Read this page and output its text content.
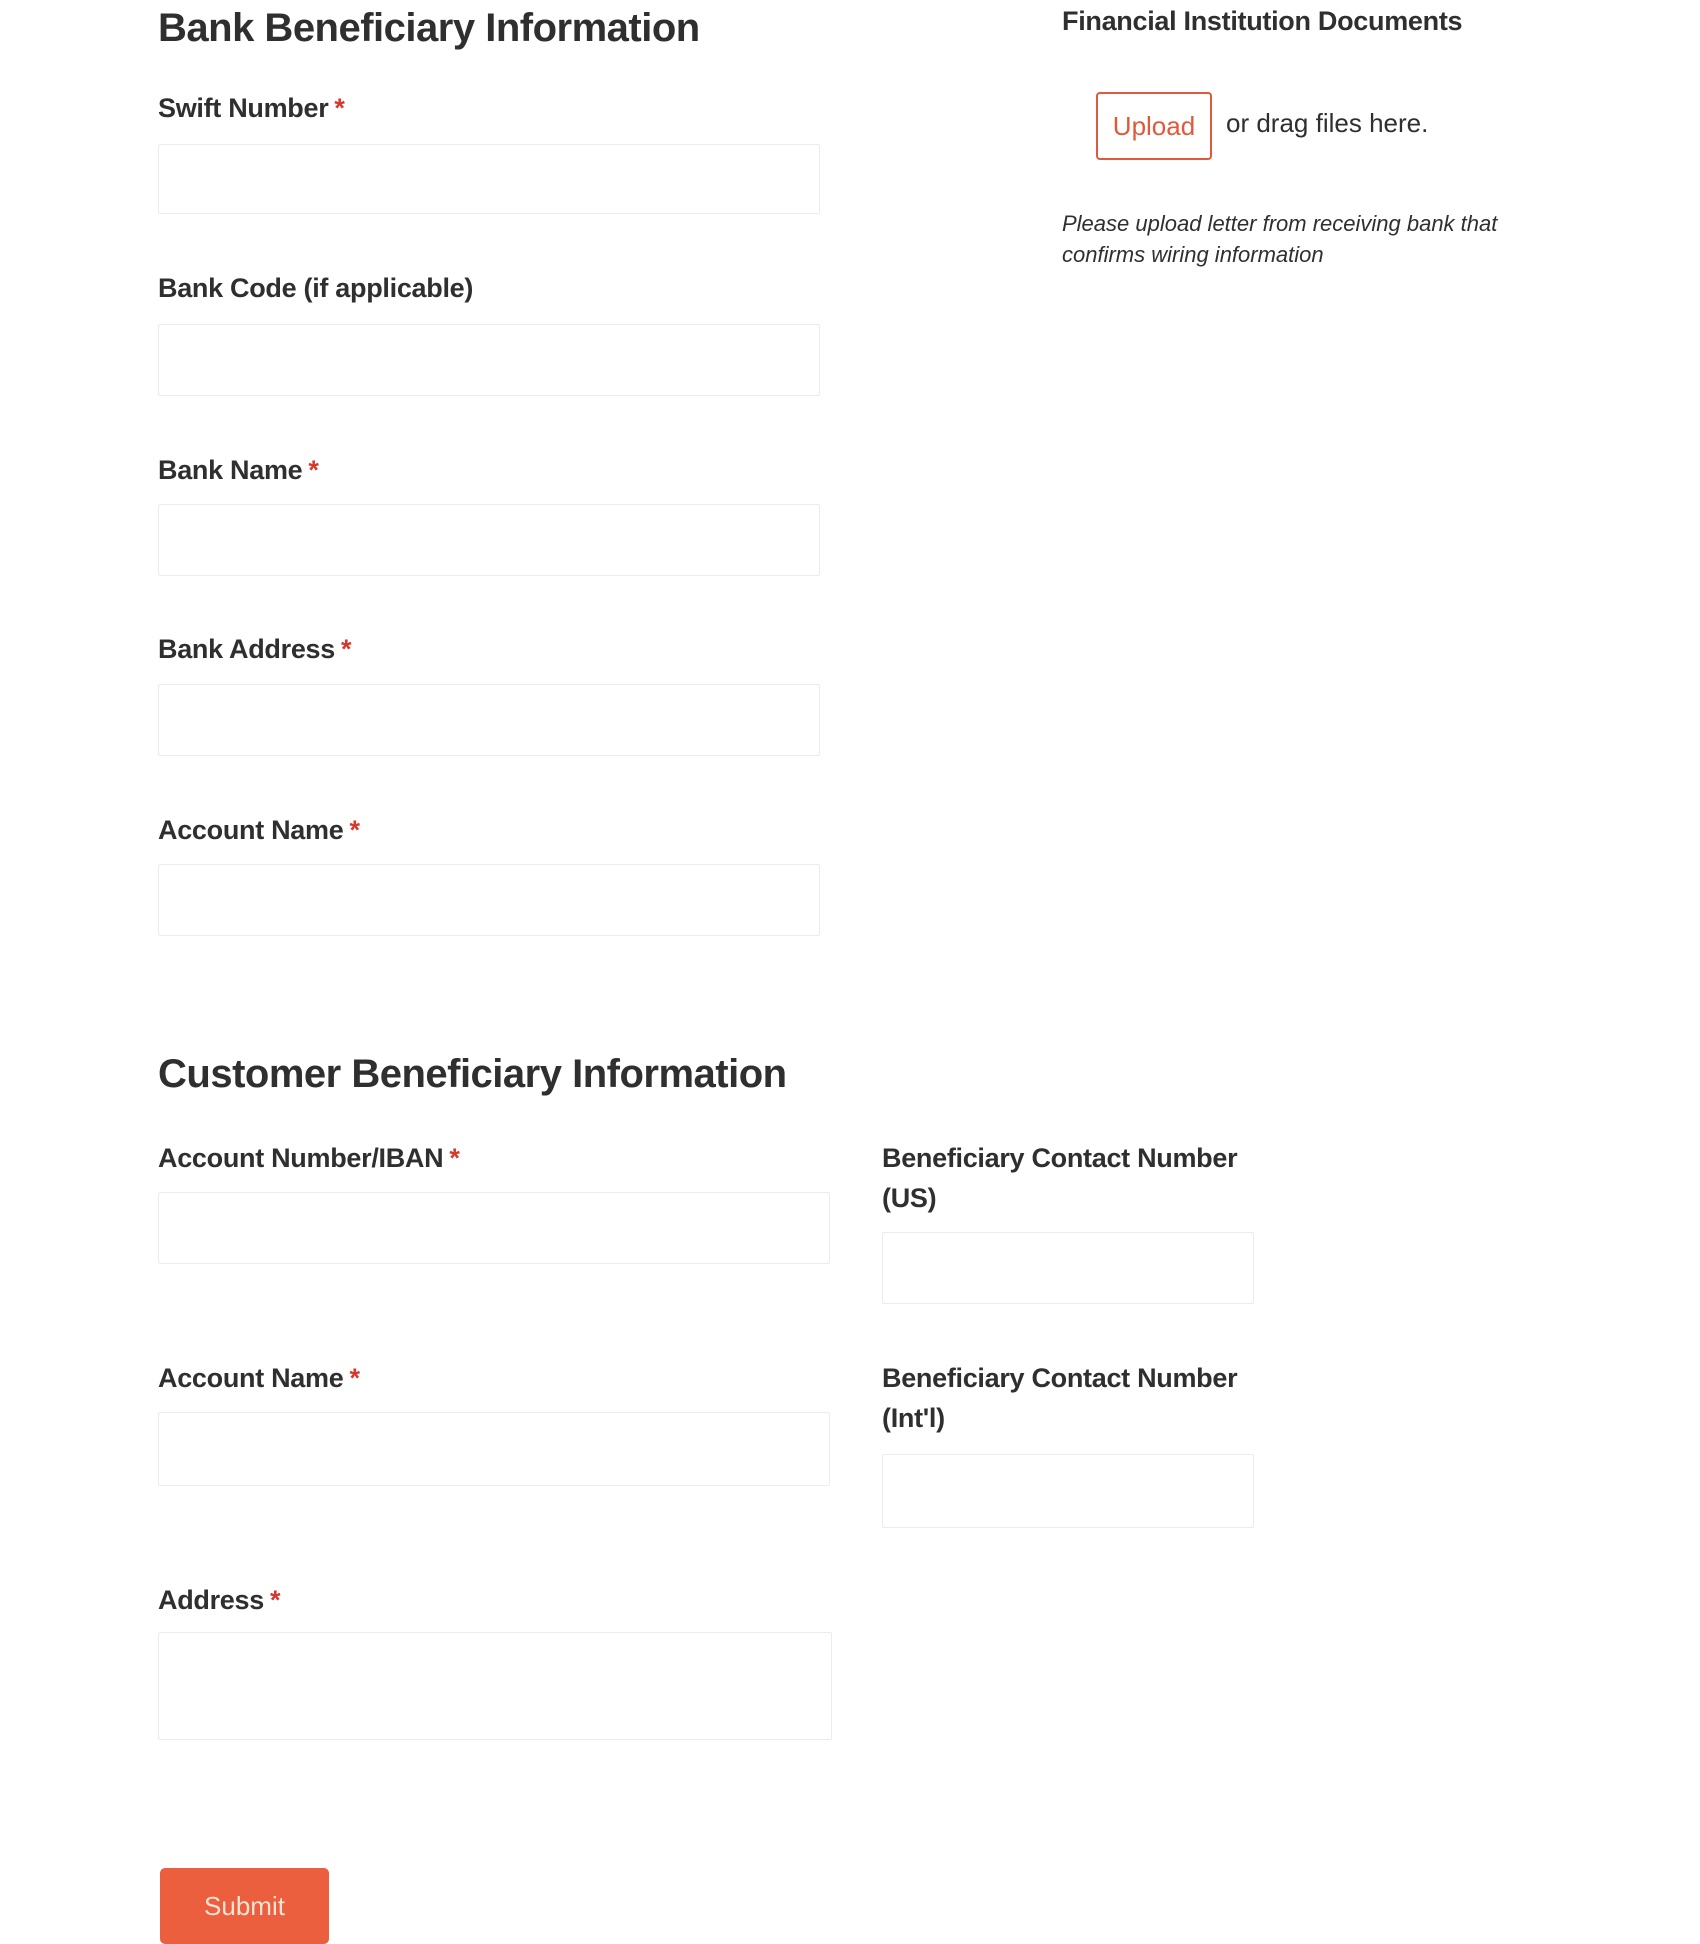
Bank Beneficiary Information
Swift Number *
Bank Code (if applicable)
Bank Name *
Bank Address *
Account Name *
Financial Institution Documents
Upload	or drag files here.
Please upload letter from receiving bank that confirms wiring information
Customer Beneficiary Information
Account Number/IBAN *
Account Name *
Address *
Beneficiary Contact Number (US)
Beneficiary Contact Number (Int'l)
Submit
